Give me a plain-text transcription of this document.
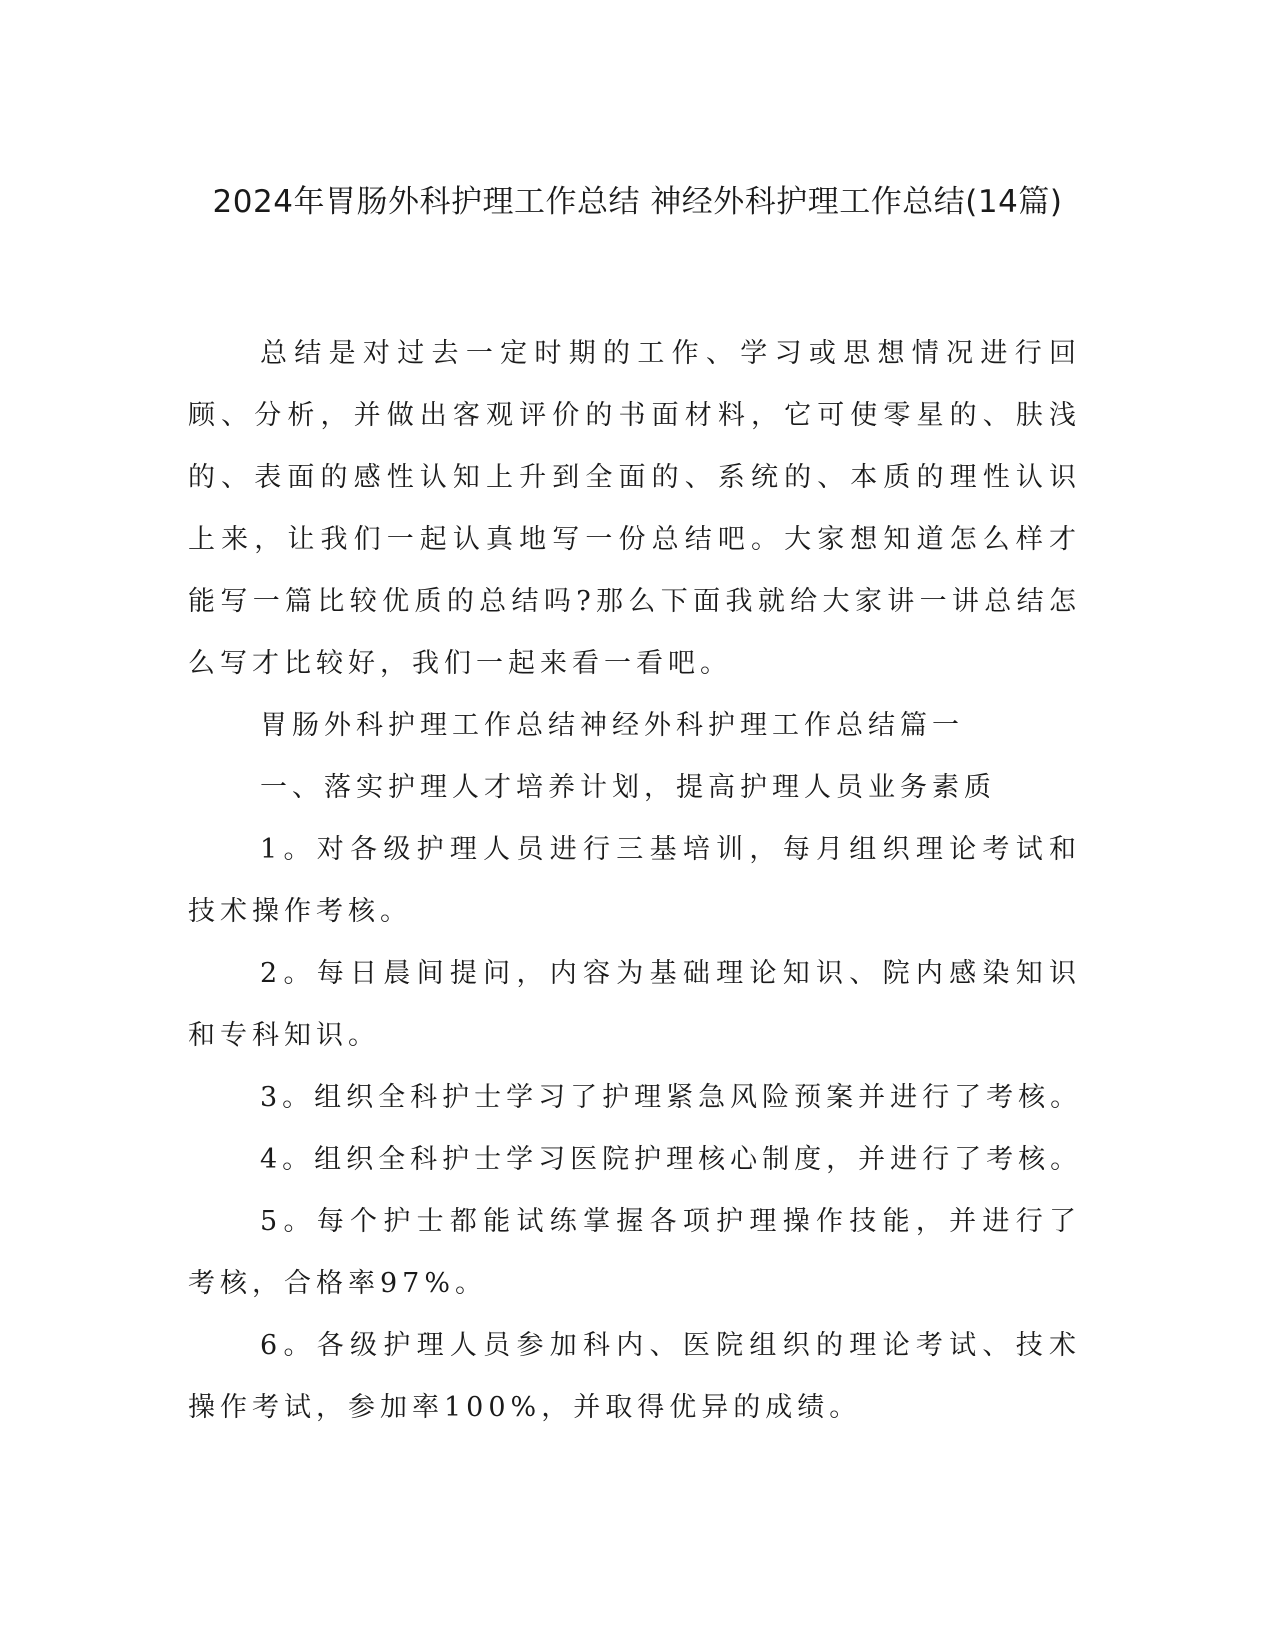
2024年胃肠外科护理工作总结 神经外科护理工作总结(14篇)

总结是对过去一定时期的工作、学习或思想情况进行回顾、分析，并做出客观评价的书面材料，它可使零星的、肤浅的、表面的感性认知上升到全面的、系统的、本质的理性认识上来，让我们一起认真地写一份总结吧。大家想知道怎么样才能写一篇比较优质的总结吗?那么下面我就给大家讲一讲总结怎么写才比较好，我们一起来看一看吧。

胃肠外科护理工作总结神经外科护理工作总结篇一

一、落实护理人才培养计划，提高护理人员业务素质

1。对各级护理人员进行三基培训，每月组织理论考试和技术操作考核。

2。每日晨间提问，内容为基础理论知识、院内感染知识和专科知识。

3。组织全科护士学习了护理紧急风险预案并进行了考核。

4。组织全科护士学习医院护理核心制度，并进行了考核。

5。每个护士都能试练掌握各项护理操作技能，并进行了考核，合格率97%。

6。各级护理人员参加科内、医院组织的理论考试、技术操作考试，参加率100%，并取得优异的成绩。
